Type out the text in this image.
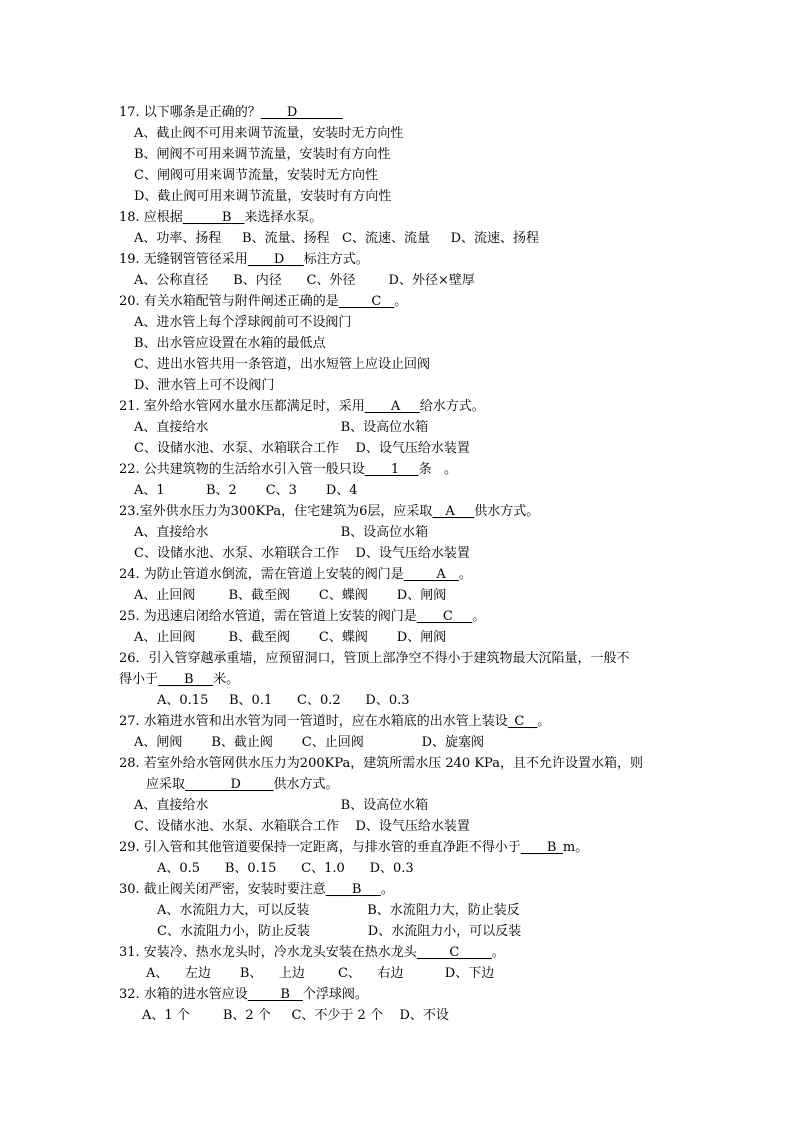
17. 以下哪条是正确的？____D_______
A、截止阀不可用来调节流量，安装时无方向性
B、闸阀不可用来调节流量，安装时有方向性
C、闸阀可用来调节流量，安装时无方向性
D、截止阀可用来调节流量，安装时有方向性
18. 应根据______B__来选择水泵。
A、功率、扬程     B、流量、扬程   C、流速、流量     D、流速、扬程
19. 无缝钢管管径采用____D___标注方式。
A、公称直径      B、内径      C、外径        D、外径×壁厚
20. 有关水箱配管与附件阐述正确的是_____C__。
A、进水管上每个浮球阀前可不设阀门
B、出水管应设置在水箱的最低点
C、进出水管共用一条管道，出水短管上应设止回阀
D、泄水管上可不设阀门
21. 室外给水管网水量水压都满足时，采用____A___给水方式。
A、直接给水                                B、设高位水箱
C、设储水池、水泵、水箱联合工作    D、设气压给水装置
22. 公共建筑物的生活给水引入管一般只设____1___条   。
A、1          B、2       C、3       D、4
23.室外供水压力为300KPa，住宅建筑为6层，应采取__A___供水方式。
A、直接给水                                B、设高位水箱
C、设储水池、水泵、水箱联合工作    D、设气压给水装置
24. 为防止管道水倒流，需在管道上安装的阀门是_____A__。
A、止回阀        B、截至阀       C、蝶阀       D、闸阀
25. 为迅速启闭给水管道，需在管道上安装的阀门是____C___。
A、止回阀        B、截至阀       C、蝶阀       D、闸阀
26．引入管穿越承重墙，应预留洞口，管顶上部净空不得小于建筑物最大沉陷量，一般不
得小于____B___米。
A、0.15     B、0.1      C、0.2      D、0.3
27. 水箱进水管和出水管为同一管道时，应在水箱底的出水管上装设_C__。
A、闸阀       B、截止阀       C、止回阀              D、旋塞阀
28. 若室外给水管网供水压力为200KPa，建筑所需水压 240 KPa，且不允许设置水箱，则
应采取_______D_____供水方式。
A、直接给水                                B、设高位水箱
C、设储水池、水泵、水箱联合工作    D、设气压给水装置
29. 引入管和其他管道要保持一定距离，与排水管的垂直净距不得小于____B_m。
A、0.5      B、0.15      C、1.0      D、0.3
30. 截止阀关闭严密，安装时要注意____B___。
A、水流阻力大，可以反装              B、水流阻力大，防止装反
C、水流阻力小，防止反装              D、水流阻力小，可以反装
31. 安装冷、热水龙头时，冷水龙头安装在热水龙头_____C_____。
A、    左边       B、    上边        C、    右边          D、下边
32. 水箱的进水管应设_____B__个浮球阀。
A、1 个        B、2 个     C、不少于 2 个    D、不设
